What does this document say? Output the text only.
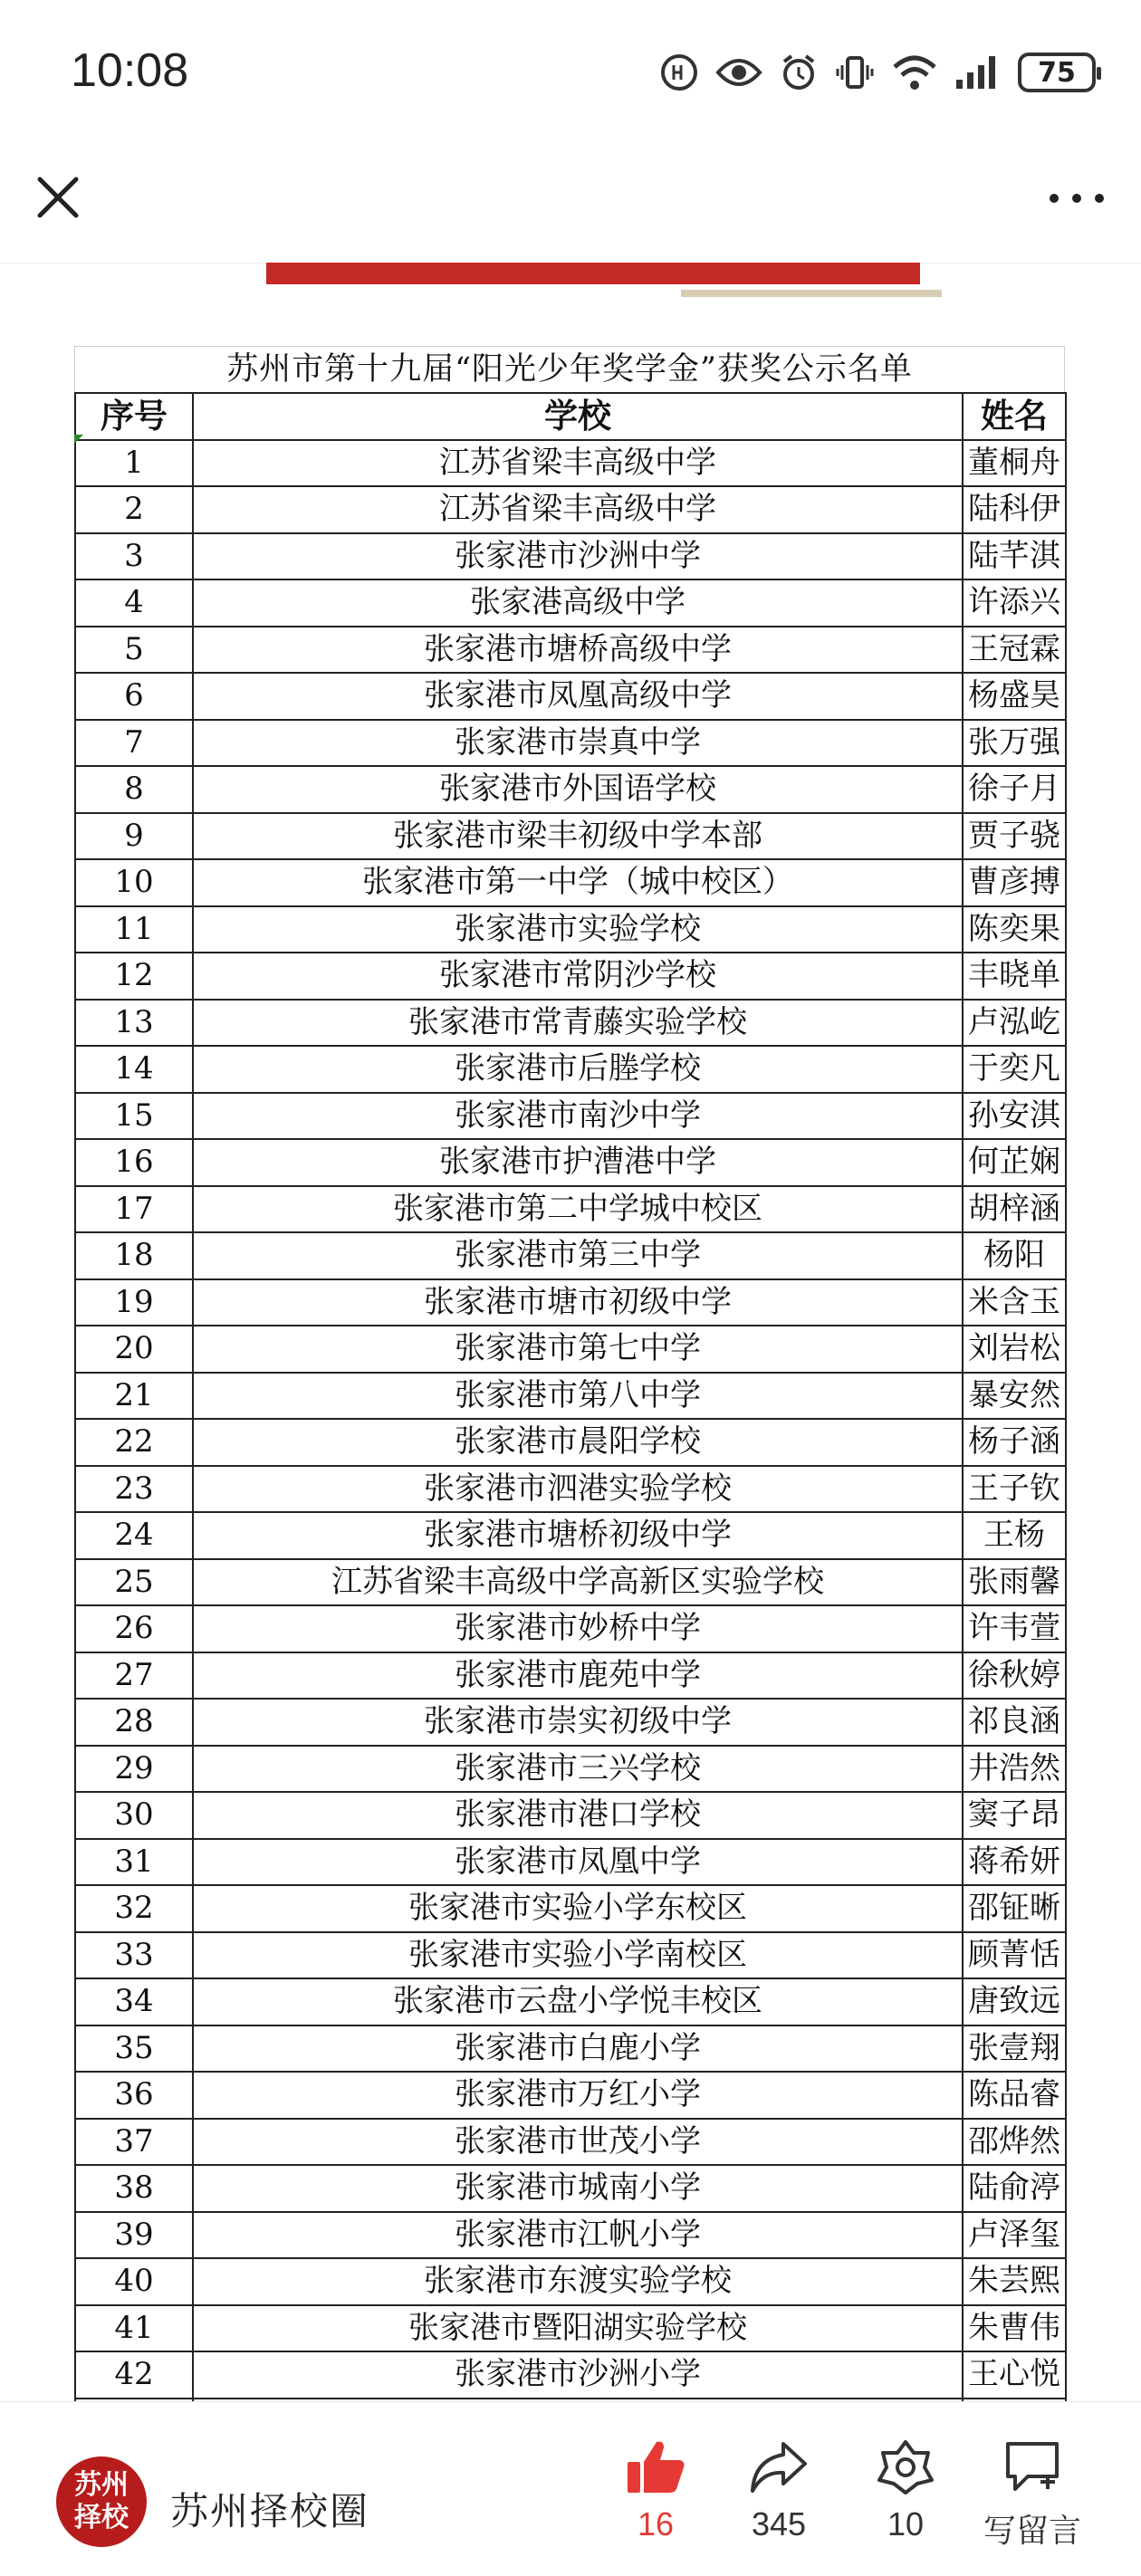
10:08	75
苏州市第十九届“阳光少年奖学金”获奖公示名单
序号	学校	姓名
1	江苏省梁丰高级中学	董桐舟
2	江苏省梁丰高级中学	陆科伊
3	张家港市沙洲中学	陆芊淇
4	张家港高级中学	许添兴
5	张家港市塘桥高级中学	王冠霖
6	张家港市凤凰高级中学	杨盛昊
7	张家港市崇真中学	张万强
8	张家港市外国语学校	徐子月
9	张家港市梁丰初级中学本部	贾子骁
10	张家港市第一中学（城中校区）	曹彦搏
11	张家港市实验学校	陈奕果
12	张家港市常阴沙学校	丰晓单
13	张家港市常青藤实验学校	卢泓屹
14	张家港市后塍学校	于奕凡
15	张家港市南沙中学	孙安淇
16	张家港市护漕港中学	何芷娴
17	张家港市第二中学城中校区	胡梓涵
18	张家港市第三中学	杨阳
19	张家港市塘市初级中学	米含玉
20	张家港市第七中学	刘岩松
21	张家港市第八中学	暴安然
22	张家港市晨阳学校	杨子涵
23	张家港市泗港实验学校	王子钦
24	张家港市塘桥初级中学	王杨
25	江苏省梁丰高级中学高新区实验学校	张雨馨
26	张家港市妙桥中学	许韦萱
27	张家港市鹿苑中学	徐秋婷
28	张家港市崇实初级中学	祁良涵
29	张家港市三兴学校	井浩然
30	张家港市港口学校	窦子昂
31	张家港市凤凰中学	蒋希妍
32	张家港市实验小学东校区	邵钲晰
33	张家港市实验小学南校区	顾菁恬
34	张家港市云盘小学悦丰校区	唐致远
35	张家港市白鹿小学	张壹翔
36	张家港市万红小学	陈品睿
37	张家港市世茂小学	邵烨然
38	张家港市城南小学	陆俞渟
39	张家港市江帆小学	卢泽玺
40	张家港市东渡实验学校	朱芸熙
41	张家港市暨阳湖实验学校	朱曹伟
42	张家港市沙洲小学	王心悦

苏州
择校 苏州择校圈	16	345	10	写留言
